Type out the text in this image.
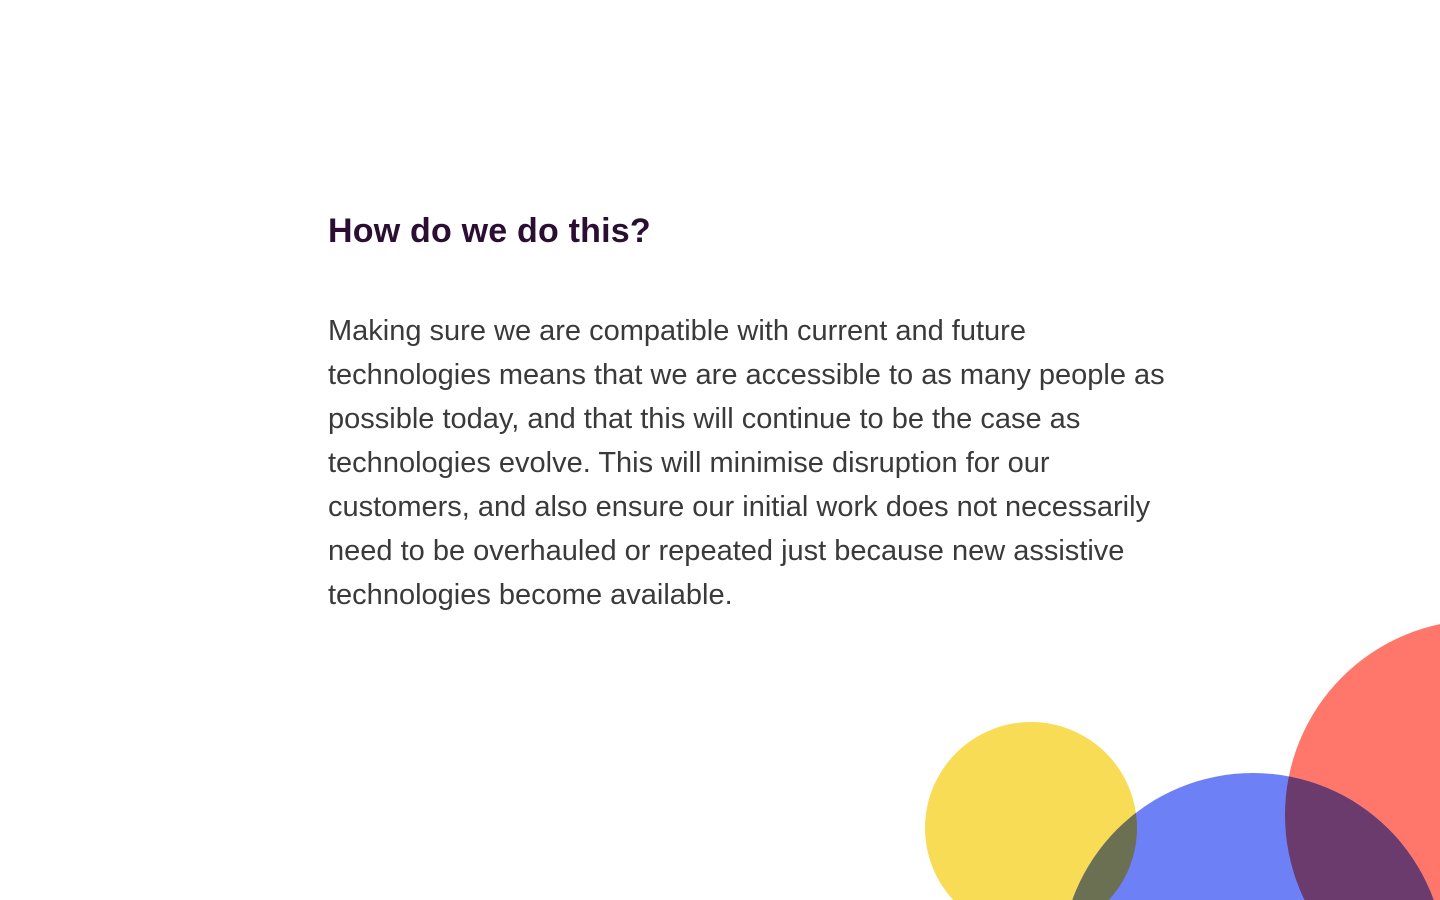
How do we do this?

Making sure we are compatible with current and future technologies means that we are accessible to as many people as possible today, and that this will continue to be the case as technologies evolve. This will minimise disruption for our customers, and also ensure our initial work does not necessarily need to be overhauled or repeated just because new assistive technologies become available.
